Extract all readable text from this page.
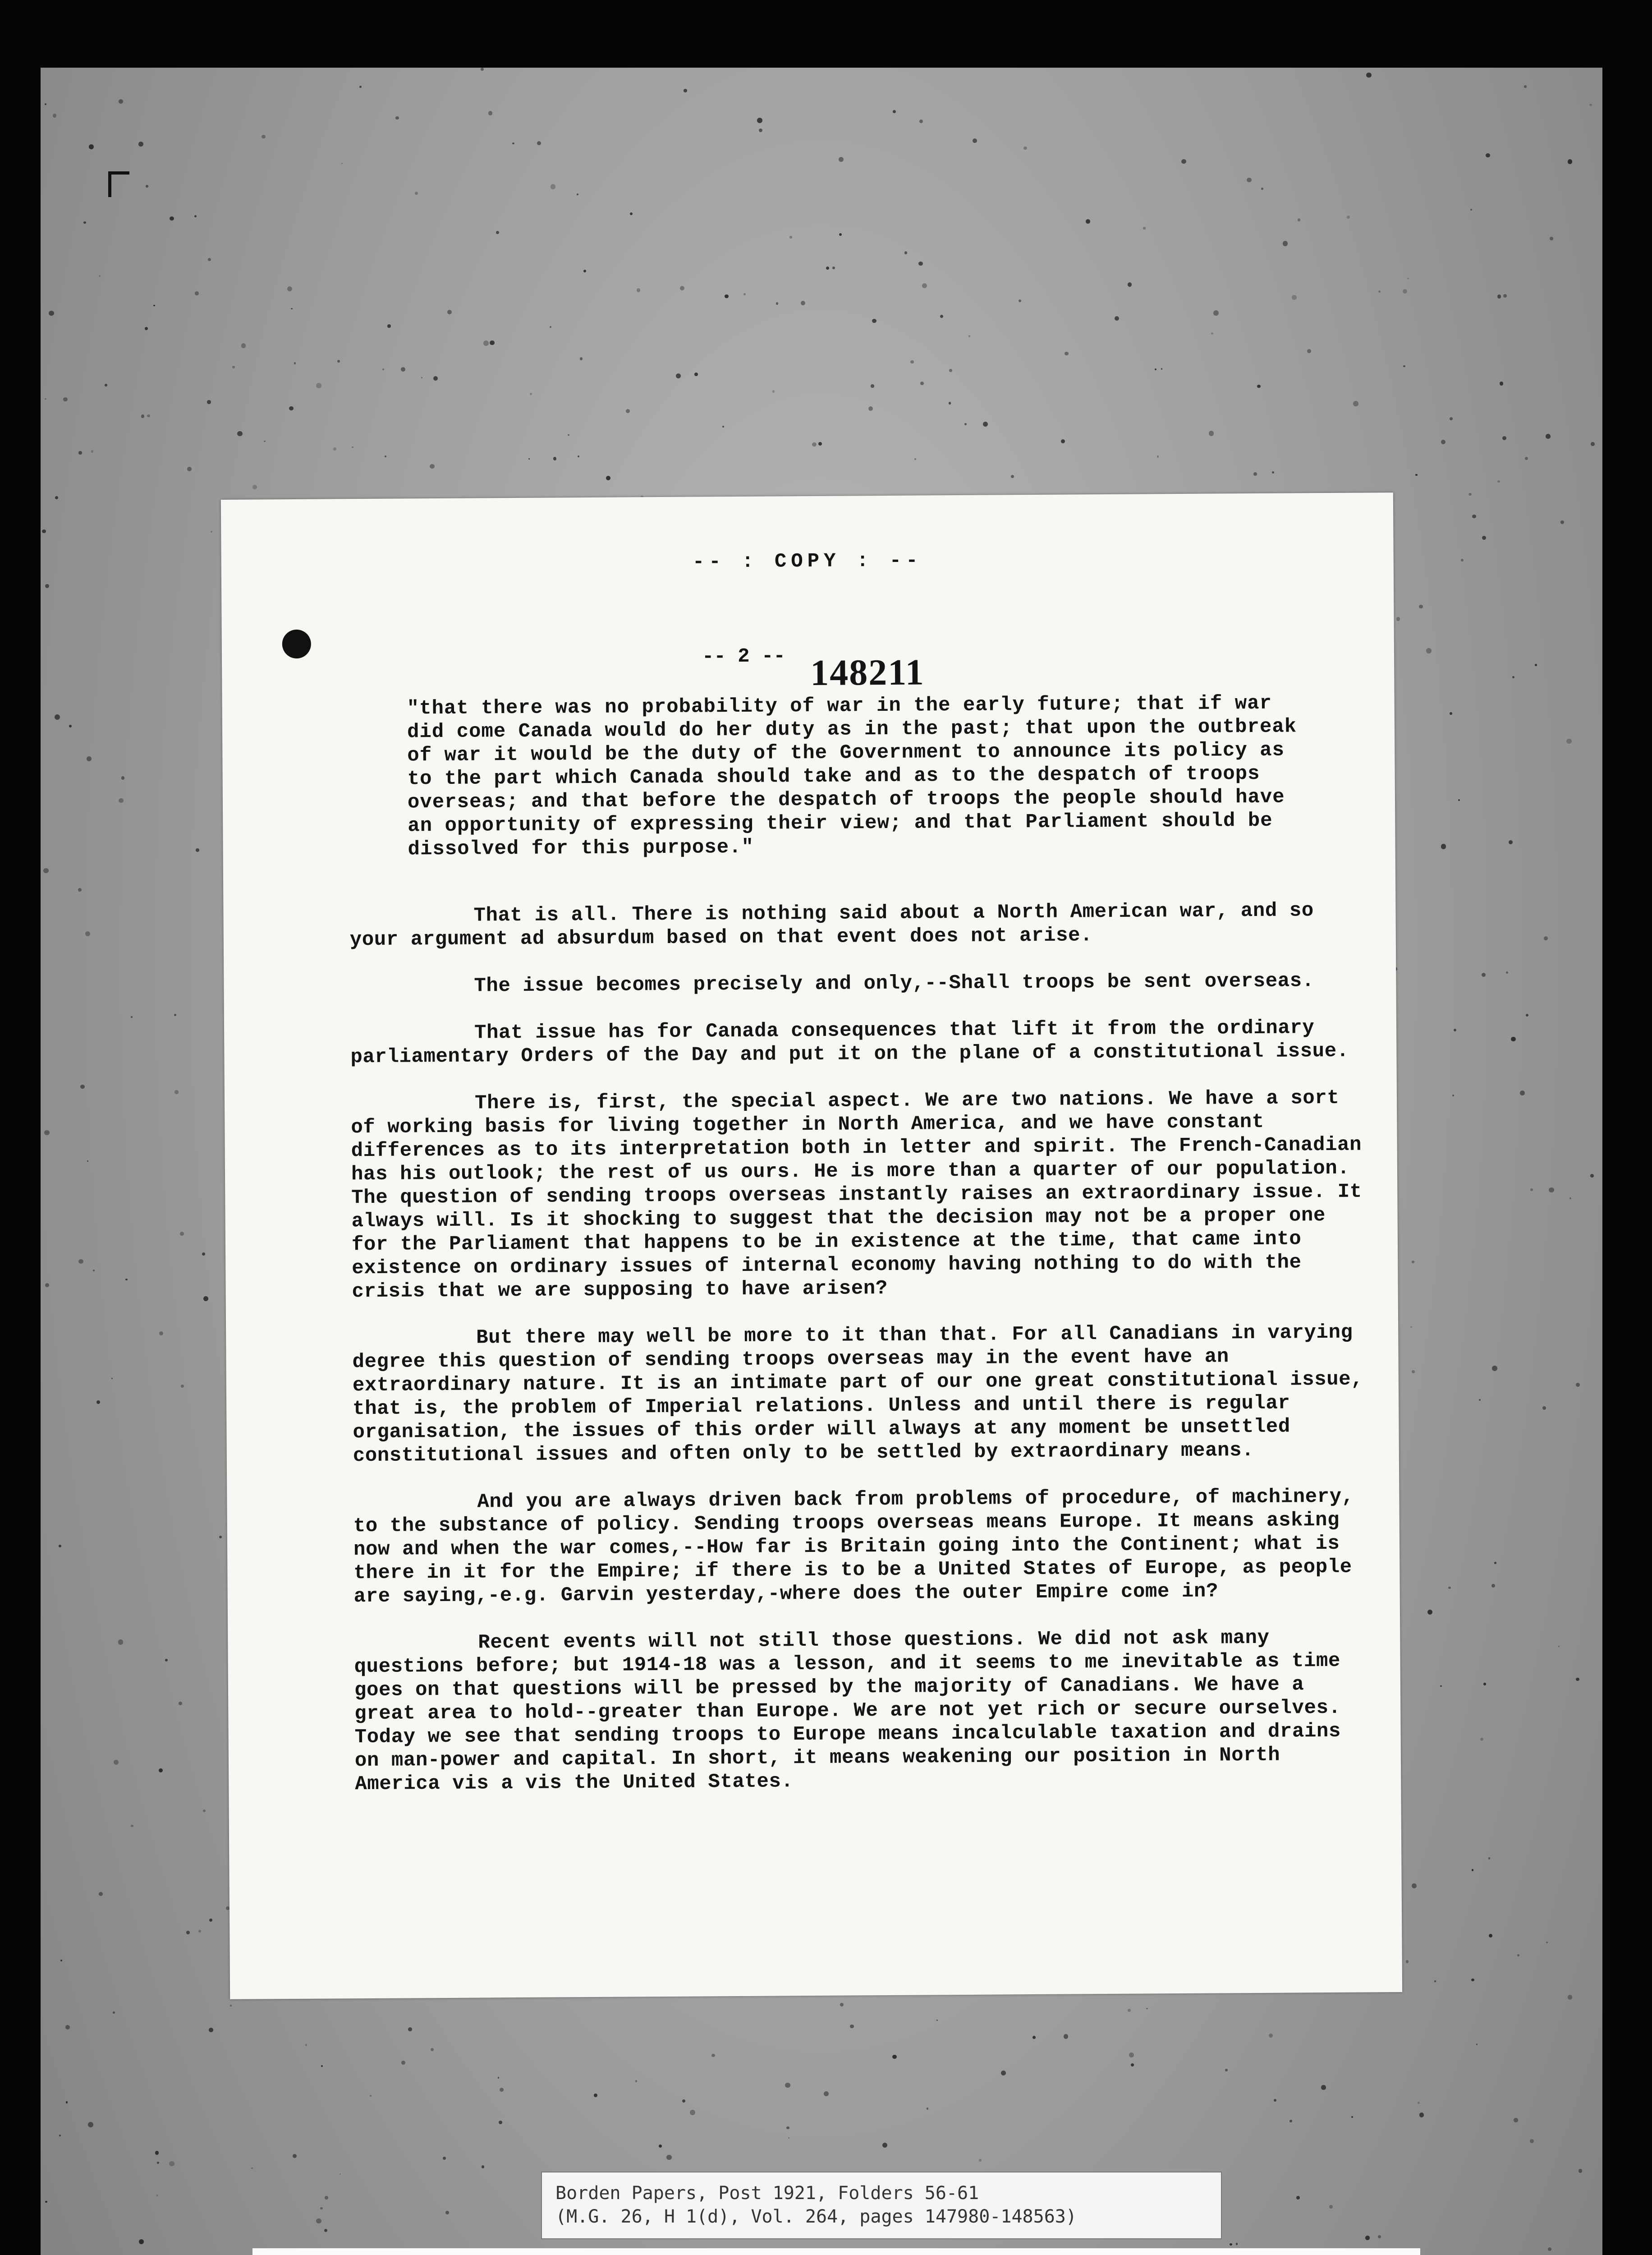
-- : COPY : --
-- 2 -- 148211
"that there was no probability of war in the early future; that if war did come Canada would do her duty as in the past; that upon the outbreak of war it would be the duty of the Government to announce its policy as to the part which Canada should take and as to the despatch of troops overseas; and that before the despatch of troops the people should have an opportunity of expressing their view; and that Parliament should be dissolved for this purpose."

That is all. There is nothing said about a North American war, and so your argument ad absurdum based on that event does not arise.

The issue becomes precisely and only,--Shall troops be sent overseas.

That issue has for Canada consequences that lift it from the ordinary parliamentary Orders of the Day and put it on the plane of a constitutional issue.

There is, first, the special aspect. We are two nations. We have a sort of working basis for living together in North America, and we have constant differences as to its interpretation both in letter and spirit. The French-Canadian has his outlook; the rest of us ours. He is more than a quarter of our population. The question of sending troops overseas instantly raises an extraordinary issue. It always will. Is it shocking to suggest that the decision may not be a proper one for the Parliament that happens to be in existence at the time, that came into existence on ordinary issues of internal economy having nothing to do with the crisis that we are supposing to have arisen?

But there may well be more to it than that. For all Canadians in varying degree this question of sending troops overseas may in the event have an extraordinary nature. It is an intimate part of our one great constitutional issue, that is, the problem of Imperial relations. Unless and until there is regular organisation, the issues of this order will always at any moment be unsettled constitutional issues and often only to be settled by extraordinary means.

And you are always driven back from problems of procedure, of machinery, to the substance of policy. Sending troops overseas means Europe. It means asking now and when the war comes,--How far is Britain going into the Continent; what is there in it for the Empire; if there is to be a United States of Europe, as people are saying,-e.g. Garvin yesterday,-where does the outer Empire come in?

Recent events will not still those questions. We did not ask many questions before; but 1914-18 was a lesson, and it seems to me inevitable as time goes on that questions will be pressed by the majority of Canadians. We have a great area to hold--greater than Europe. We are not yet rich or secure ourselves. Today we see that sending troops to Europe means incalculable taxation and drains on man-power and capital. In short, it means weakening our position in North America vis a vis the United States.

Borden Papers, Post 1921, Folders 56-61
(M.G. 26, H 1(d), Vol. 264, pages 147980-148563)
